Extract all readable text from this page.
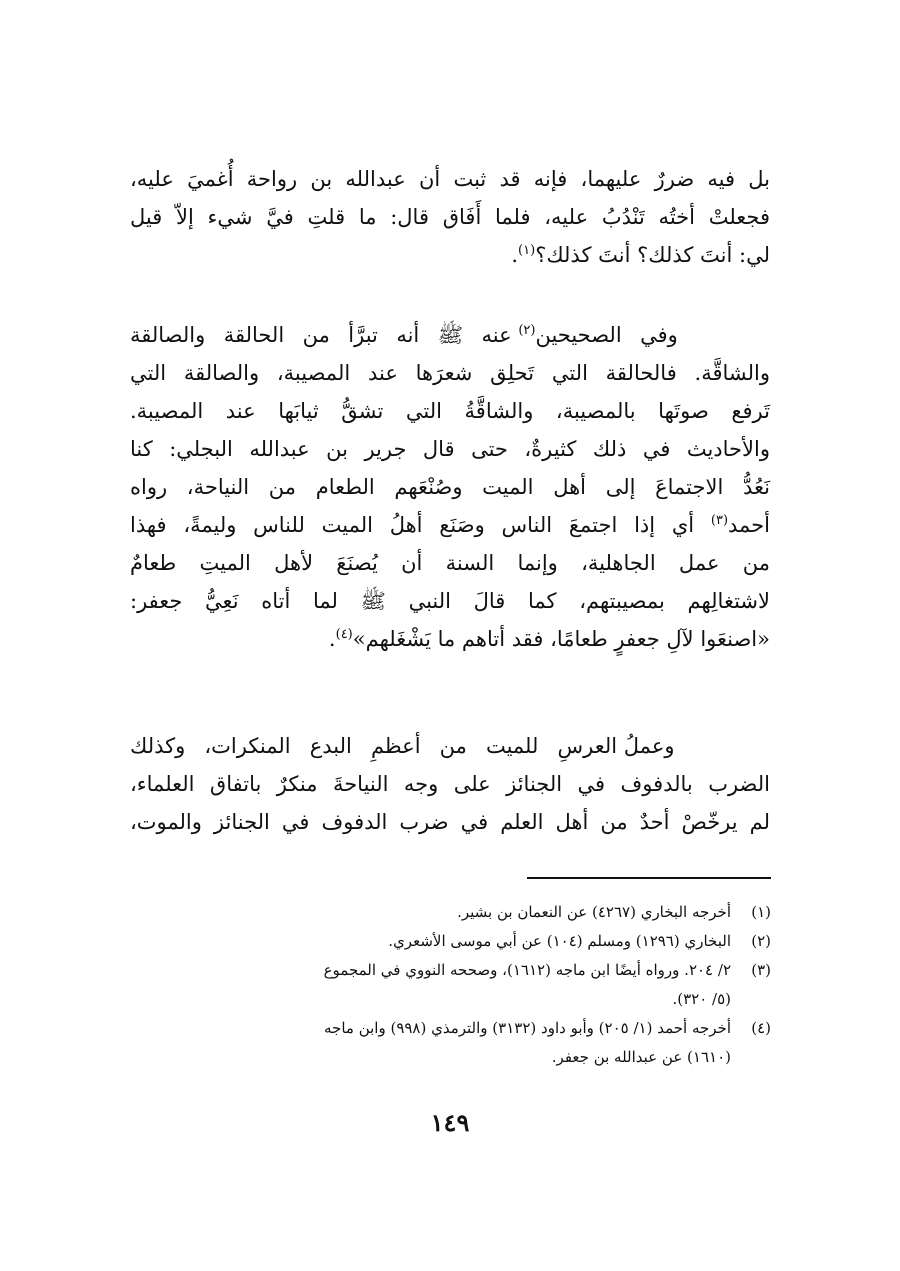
بل فيه ضررٌ عليهما، فإنه قد ثبت أن عبدالله بن رواحة أُغميَ عليه،
فجعلتْ أختُه تَنْدُبُ عليه، فلما أَفَاق قال: ما قلتِ فيَّ شيء إلاّ قيل
لي: أنتَ كذلك؟ أنتَ كذلك؟$^{(١)}$.

وفي الصحيحين$^{(٢)}$ عنه ﷺ أنه تبرَّأ من الحالقة والصالقة
والشاقَّة. فالحالقة التي تَحلِق شعرَها عند المصيبة، والصالقة التي
تَرفع صوتَها بالمصيبة، والشاقَّةُ التي تشقُّ ثيابَها عند المصيبة.
والأحاديث في ذلك كثيرةٌ، حتى قال جرير بن عبدالله البجلي: كنا
نَعُدُّ الاجتماعَ إلى أهل الميت وصُنْعَهم الطعام من النياحة، رواه
أحمد$^{(٣)}$ أي إذا اجتمعَ الناس وصَنَع أهلُ الميت للناس وليمةً، فهذا
من عمل الجاهلية، وإنما السنة أن يُصنَعَ لأهل الميتِ طعامٌ
لاشتغالِهم بمصيبتهم، كما قالَ النبي ﷺ لما أتاه نَعِيُّ جعفر:
«اصنعَوا لآلِ جعفرٍ طعامًا، فقد أتاهم ما يَشْغَلهم»$^{(٤)}$.

وعملُ العرسِ للميت من أعظمِ البدع المنكرات، وكذلك
الضرب بالدفوف في الجنائز على وجه النياحةَ منكرٌ باتفاق العلماء،
لم يرخّصْ أحدٌ من أهل العلم في ضرب الدفوف في الجنائز والموت،

(١)
أخرجه البخاري (٤٢٦٧) عن النعمان بن بشير.
(٢)
البخاري (١٢٩٦) ومسلم (١٠٤) عن أبي موسى الأشعري.
(٣)
٢/ ٢٠٤. ورواه أيضًا ابن ماجه (١٦١٢)، وصححه النووي في المجموع
(٥/ ٣٢٠).
(٤)
أخرجه أحمد (١/ ٢٠٥) وأبو داود (٣١٣٢) والترمذي (٩٩٨) وابن ماجه
(١٦١٠) عن عبدالله بن جعفر.
١٤٩
